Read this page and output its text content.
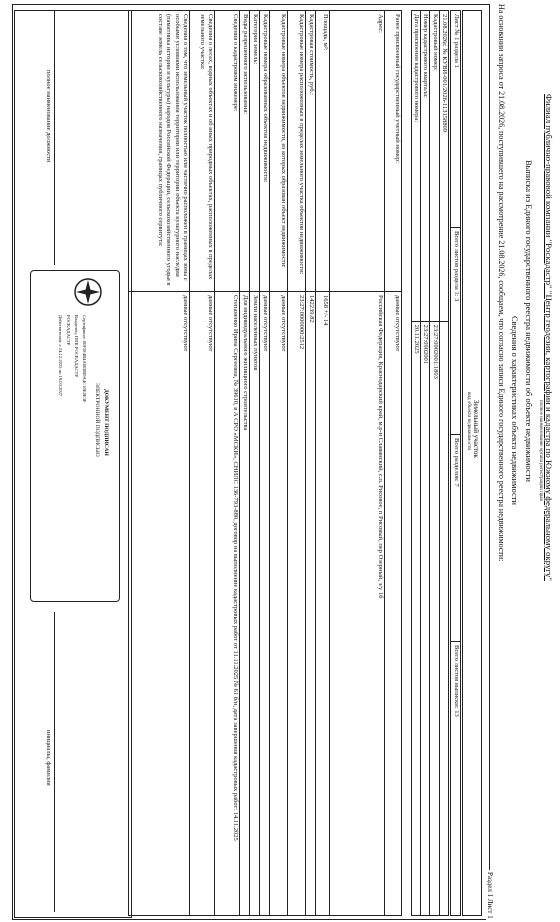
Филиал публично-правовой компании "Роскадастр" "Центр геодезии, картографии и кадастра по Южному федеральному округу"
полное наименование органа регистрации прав
Выписка из Единого государственного реестра недвижимости об объекте недвижимости
Сведения о характеристиках объекта недвижимости
На основании запроса от 21.08.2026, поступившего на рассмотрение 21.08.2026, сообщаем, что согласно записи Единого государственного реестра недвижимости:
Раздел 1 Лист 1
Земельный участок
вид объекта недвижимости
Лист № 1 раздела 1	Всего листов раздела 1: 3	Всего разделов: 7	Всего листов выписки: 13
21.08.2026г. № КУВИ-001/2026-113158809	
Кадастровый номер:	23:27:0902001:1803
Номер кадастрового квартала:	23:27:0902001
Дата присвоения кадастрового номера:	20.11.2025
Ранее присвоенный государственный учетный номер:	данные отсутствуют
Адрес:	Российская Федерация, Краснодарский край, м.р-н Славянский, с.п. Рисовое, п Рисовый, пер Озерный, з/у 1б
Площадь, м²:	1658 +/- 14
Кадастровая стоимость, руб.:	142239.82
Кадастровые номера расположенных в пределах земельного участка объектов недвижимости:	23:27:0000000:2512
Кадастровые номера объектов недвижимости, из которых образован объект недвижимости:	данные отсутствуют
Кадастровые номера образованных объектов недвижимости:	данные отсутствуют
Категория земель:	Земли населенных пунктов
Виды разрешенного использования:	Для индивидуального жилищного строительства
Сведения о кадастровом инженере:	Степаненко Ирина Сергеевна, № 39610, в А СРО «МСКИ», СНИЛС 136-793-880, договор на выполнение кадастровых работ от 11.11.2025 № 61 б/н, дата завершения кадастровых работ: 14.11.2025
Сведения о лесах, водных объектах и об иных природных объектах, расположенных в пределах земельного участка:	данные отсутствуют
Сведения о том, что земельный участок полностью или частично расположен в границах зоны с особыми условиями использования территории или территории объекта культурного наследия (памятника истории и культуры) народов Российской Федерации, сельскохозяйственного угодья в составе земель сельскохозяйственного назначения, границах публичного сервитута:	данные отсутствуют
полное наименование должности
инициалы, фамилия
ДОКУМЕНТ ПОДПИСАН
ЭЛЕКТРОННОЙ ПОДПИСЬЮ
Сертификат: 00F5F4B4A0E0B9A4C10E5E3F
Владелец: ППК РОСКАДАСТР
РОСКАДАСТР
Действителен: с 24.12.2025 по 19.03.2027
